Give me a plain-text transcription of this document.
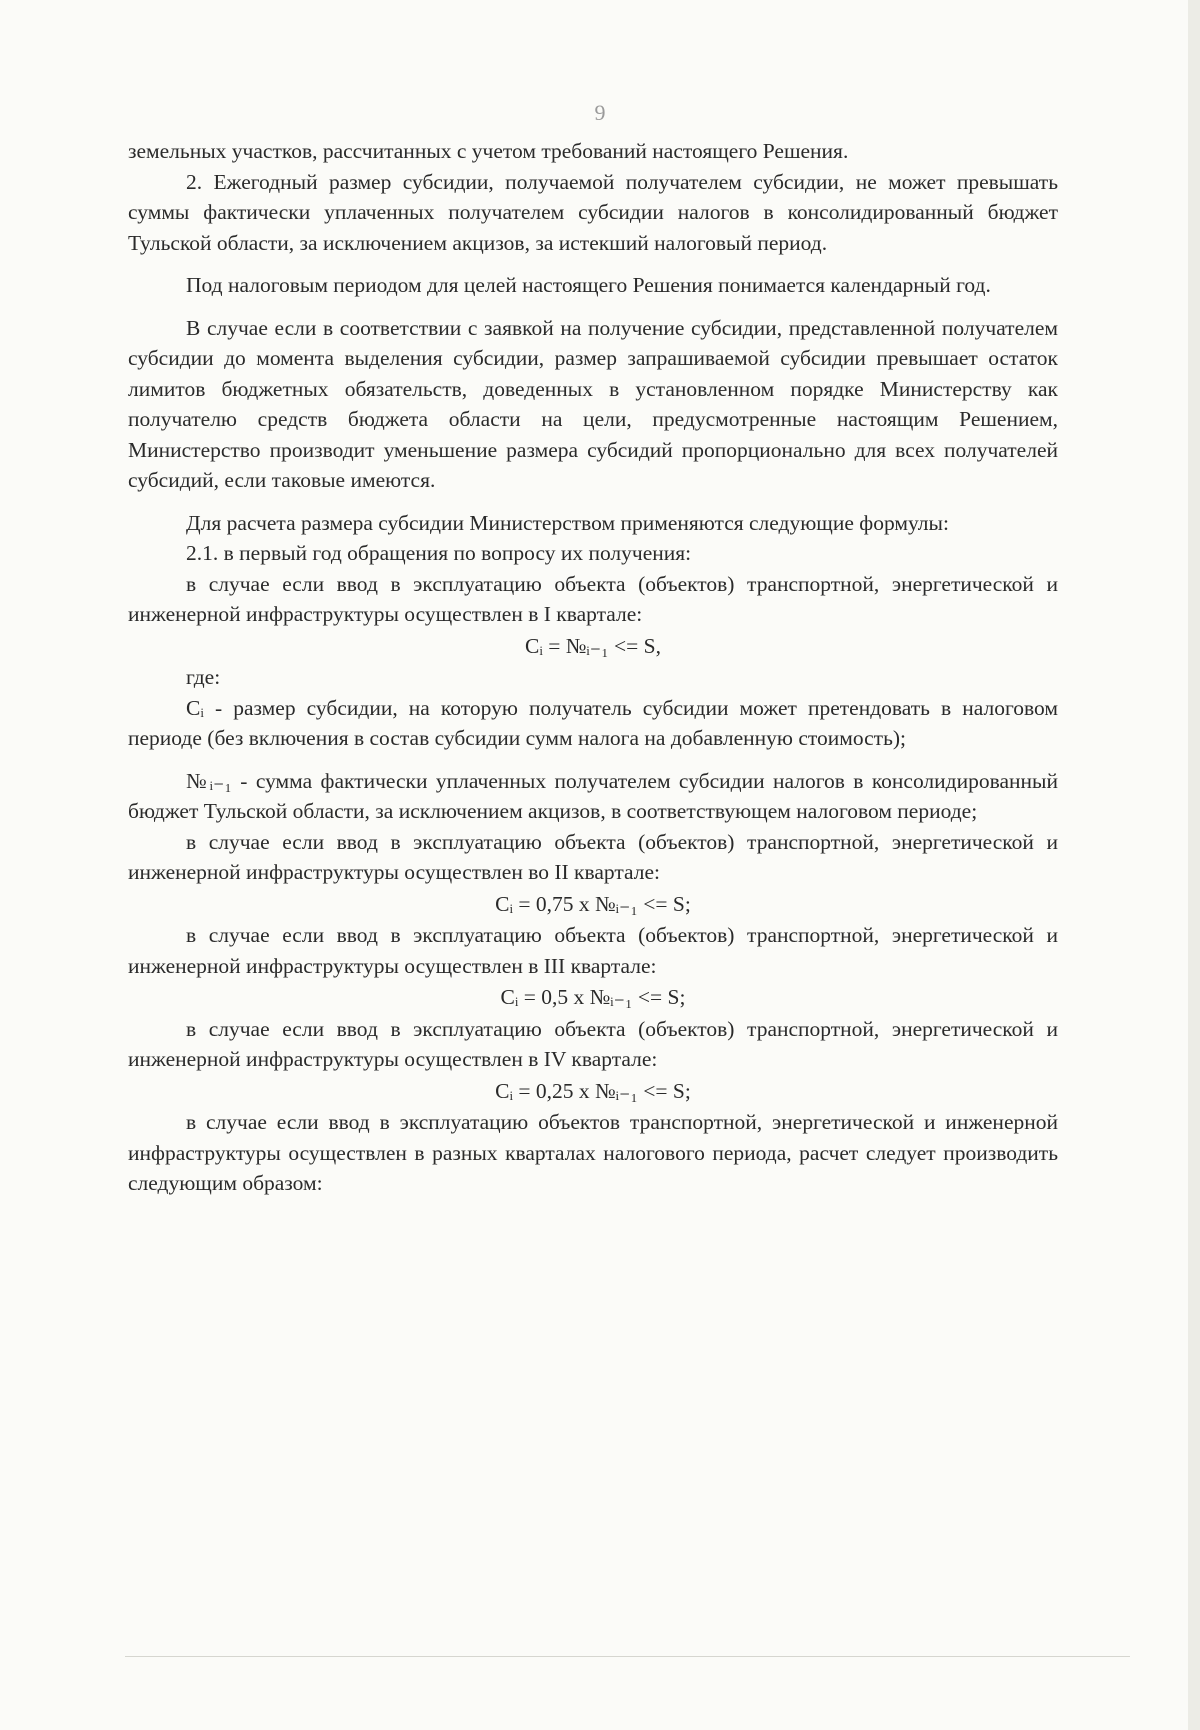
9

земельных участков, рассчитанных с учетом требований настоящего Решения.

2. Ежегодный размер субсидии, получаемой получателем субсидии, не может превышать суммы фактически уплаченных получателем субсидии налогов в консолидированный бюджет Тульской области, за исключением акцизов, за истекший налоговый период.

Под налоговым периодом для целей настоящего Решения понимается календарный год.

В случае если в соответствии с заявкой на получение субсидии, представленной получателем субсидии до момента выделения субсидии, размер запрашиваемой субсидии превышает остаток лимитов бюджетных обязательств, доведенных в установленном порядке Министерству как получателю средств бюджета области на цели, предусмотренные настоящим Решением, Министерство производит уменьшение размера субсидий пропорционально для всех получателей субсидий, если таковые имеются.

Для расчета размера субсидии Министерством применяются следующие формулы:

2.1. в первый год обращения по вопросу их получения:

в случае если ввод в эксплуатацию объекта (объектов) транспортной, энергетической и инженерной инфраструктуры осуществлен в I квартале:

Cᵢ = №ᵢ₋₁ <= S,

где:

Cᵢ - размер субсидии, на которую получатель субсидии может претендовать в налоговом периоде (без включения в состав субсидии сумм налога на добавленную стоимость);

№ᵢ₋₁ - сумма фактически уплаченных получателем субсидии налогов в консолидированный бюджет Тульской области, за исключением акцизов, в соответствующем налоговом периоде;

в случае если ввод в эксплуатацию объекта (объектов) транспортной, энергетической и инженерной инфраструктуры осуществлен во II квартале:

Cᵢ = 0,75 x №ᵢ₋₁ <= S;

в случае если ввод в эксплуатацию объекта (объектов) транспортной, энергетической и инженерной инфраструктуры осуществлен в III квартале:

Cᵢ = 0,5 x №ᵢ₋₁ <= S;

в случае если ввод в эксплуатацию объекта (объектов) транспортной, энергетической и инженерной инфраструктуры осуществлен в IV квартале:

Cᵢ = 0,25 x №ᵢ₋₁ <= S;

в случае если ввод в эксплуатацию объектов транспортной, энергетической и инженерной инфраструктуры осуществлен в разных кварталах налогового периода, расчет следует производить следующим образом:
